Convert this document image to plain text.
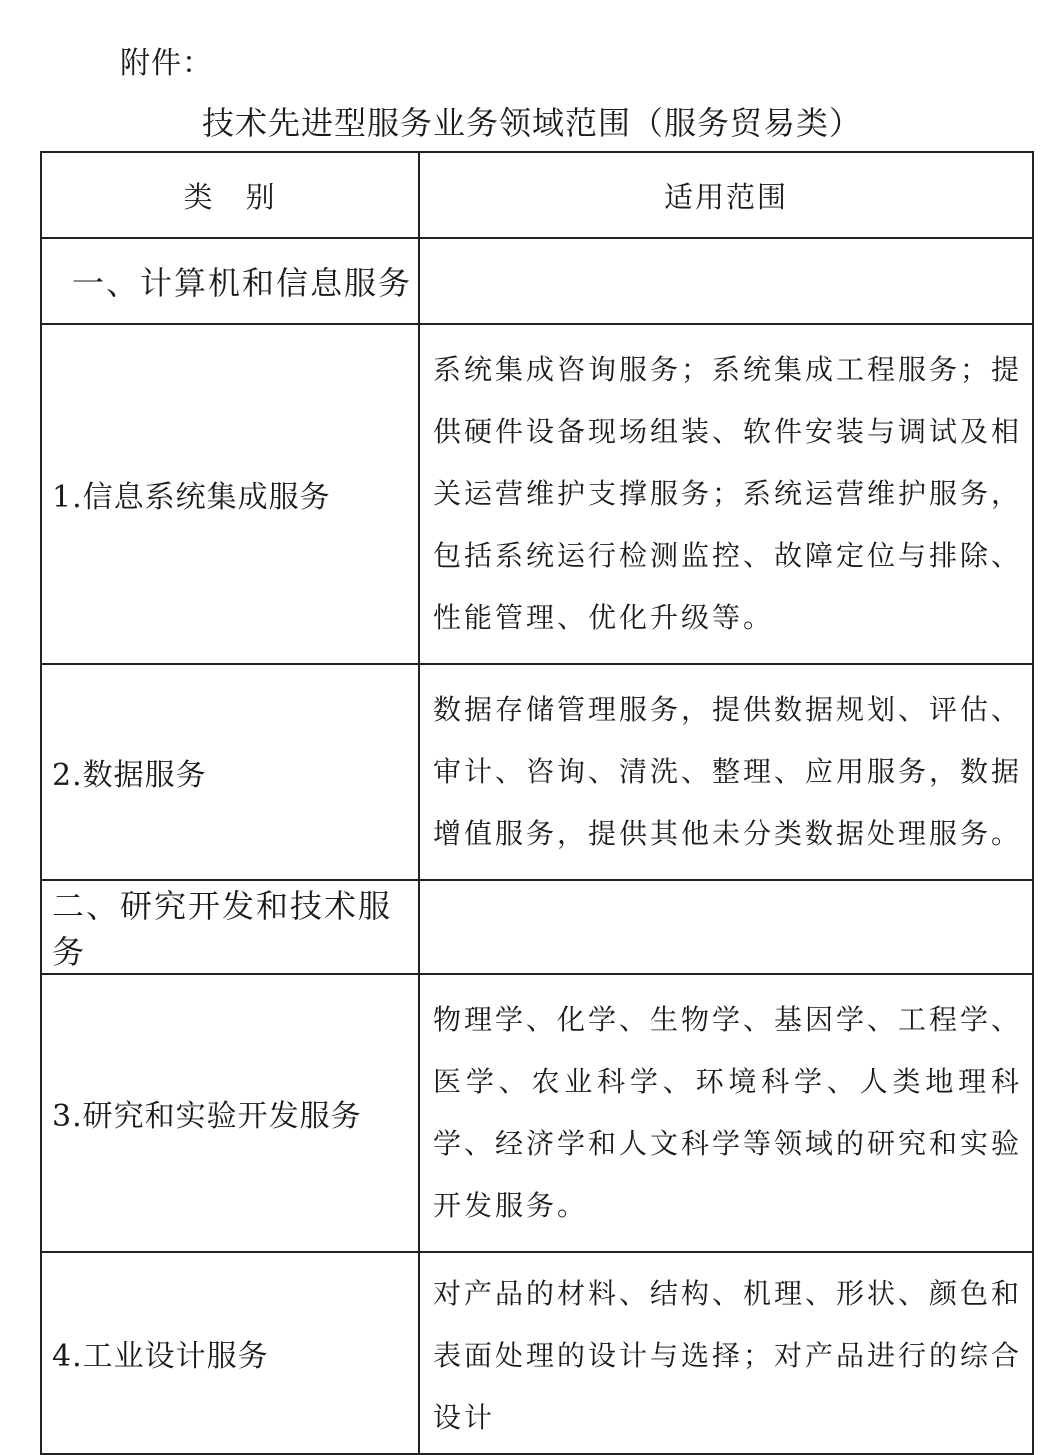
附件：
技术先进型服务业务领域范围（服务贸易类）
类　别	适用范围
一、计算机和信息服务	
1.信息系统集成服务	系统集成咨询服务；系统集成工程服务；提供硬件设备现场组装、软件安装与调试及相关运营维护支撑服务；系统运营维护服务，包括系统运行检测监控、故障定位与排除、性能管理、优化升级等。
2.数据服务	数据存储管理服务，提供数据规划、评估、审计、咨询、清洗、整理、应用服务，数据增值服务，提供其他未分类数据处理服务。
二、研究开发和技术服务	
3.研究和实验开发服务	物理学、化学、生物学、基因学、工程学、医学、农业科学、环境科学、人类地理科学、经济学和人文科学等领域的研究和实验开发服务。
4.工业设计服务	对产品的材料、结构、机理、形状、颜色和表面处理的设计与选择；对产品进行的综合设计
